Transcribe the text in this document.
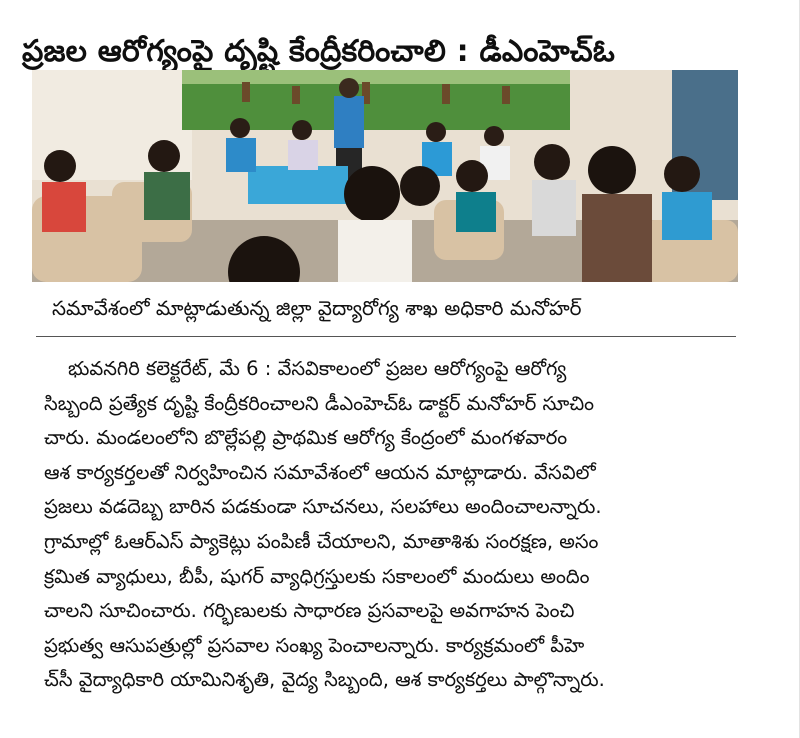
ప్రజల ఆరోగ్యంపై దృష్టి కేంద్రీకరించాలి : డీఎంహెచ్‌ఓ
సమావేశంలో మాట్లాడుతున్న జిల్లా వైద్యారోగ్య శాఖ అధికారి మనోహర్
భువనగిరి కలెక్టరేట్‌, మే 6 : వేసవికాలంలో ప్రజల ఆరోగ్యంపై ఆరోగ్య
సిబ్బంది ప్రత్యేక దృష్టి కేంద్రీకరించాలని డీఎంహెచ్‌ఓ డాక్టర్‌ మనోహర్‌ సూచిం
చారు. మండలంలోని బొల్లేపల్లి ప్రాథమిక ఆరోగ్య కేంద్రంలో మంగళవారం
ఆశ కార్యకర్తలతో నిర్వహించిన సమావేశంలో ఆయన మాట్లాడారు. వేసవిలో
ప్రజలు వడదెబ్బ బారిన పడకుండా సూచనలు, సలహాలు అందించాలన్నారు.
గ్రామాల్లో ఓఆర్‌ఎస్‌ ప్యాకెట్లు పంపిణీ చేయాలని, మాతాశిశు సంరక్షణ, అసం
క్రమిత వ్యాధులు, బీపీ, షుగర్‌ వ్యాధిగ్రస్తులకు సకాలంలో మందులు అందిం
చాలని సూచించారు. గర్భిణులకు సాధారణ ప్రసవాలపై అవగాహన పెంచి
ప్రభుత్వ ఆసుపత్రుల్లో ప్రసవాల సంఖ్య పెంచాలన్నారు. కార్యక్రమంలో పీహె
చ్‌సీ వైద్యాధికారి యామినిశృతి, వైద్య సిబ్బంది, ఆశ కార్యకర్తలు పాల్గొన్నారు.
